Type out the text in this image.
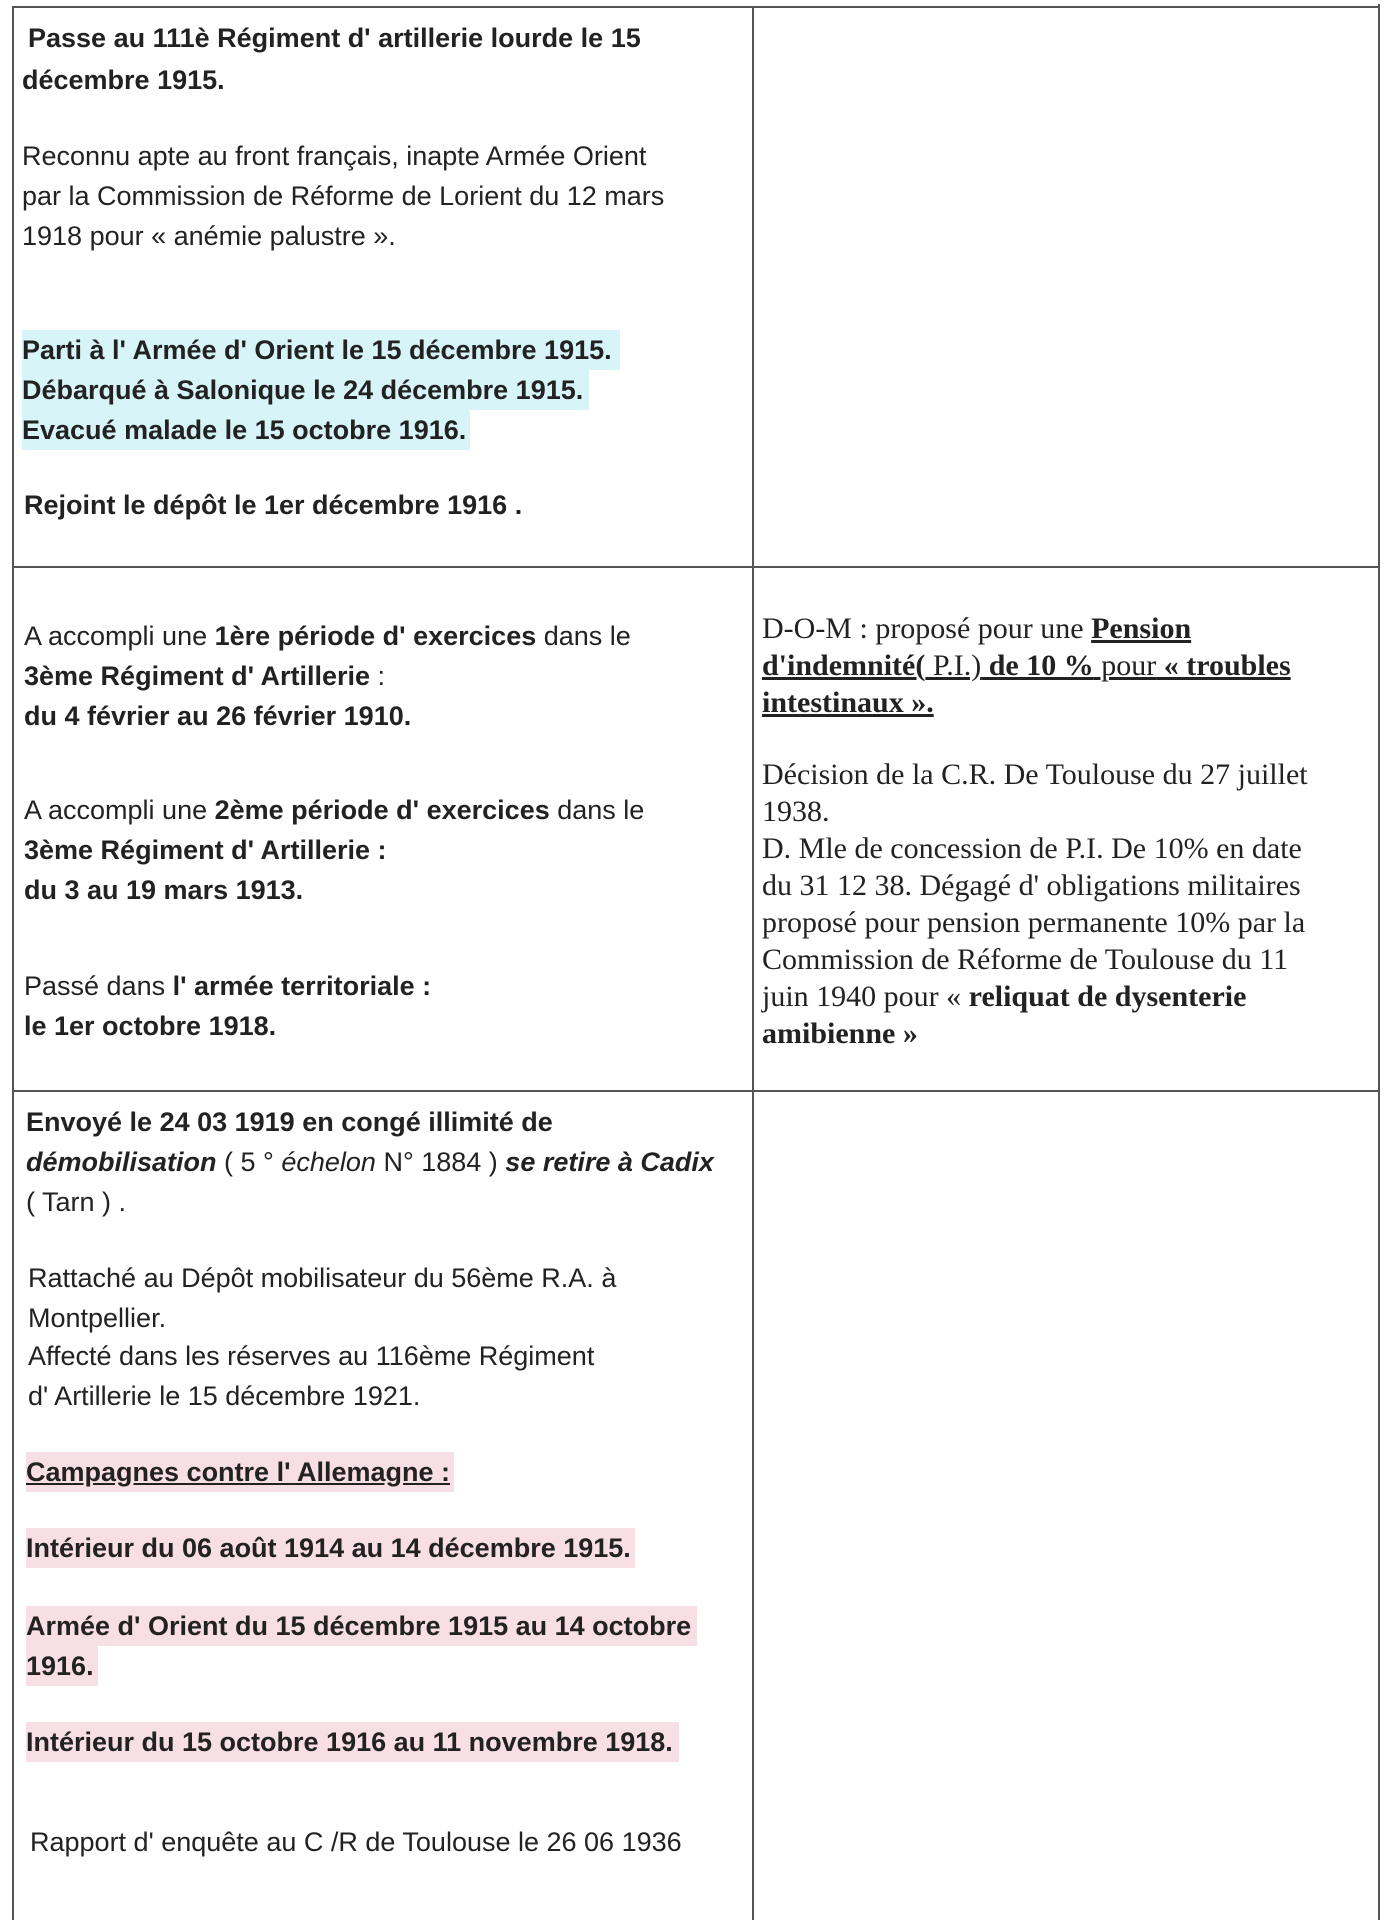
Passe au 111è Régiment d' artillerie lourde le 15

décembre 1915.

Reconnu apte au front français, inapte Armée Orient

par la Commission de Réforme de Lorient du 12 mars

1918 pour « anémie palustre ».

Parti à l' Armée d' Orient le 15 décembre 1915.

Débarqué à Salonique le 24 décembre 1915.

Evacué malade le 15 octobre 1916.

Rejoint le dépôt le 1er décembre 1916 .

A accompli une 1ère période d' exercices dans le

3ème Régiment d' Artillerie :

du 4 février au 26 février 1910.

A accompli une 2ème période d' exercices dans le

3ème Régiment d' Artillerie :

du 3 au 19 mars 1913.

Passé dans l' armée territoriale :

le 1er octobre 1918.

D-O-M : proposé pour une Pension

d'indemnité( P.I.) de 10 % pour « troubles

intestinaux ».

Décision de la C.R. De Toulouse du 27 juillet

1938.

D. Mle de concession de P.I. De 10% en date

du 31 12 38. Dégagé d' obligations militaires

proposé pour pension permanente 10% par la

Commission de Réforme de Toulouse du 11

juin 1940 pour « reliquat de dysenterie

amibienne »

Envoyé le 24 03 1919 en congé illimité de

démobilisation ( 5 ° échelon N° 1884 ) se retire à Cadix

( Tarn ) .

Rattaché au Dépôt mobilisateur du 56ème R.A. à

Montpellier.

Affecté dans les réserves au 116ème Régiment

d' Artillerie le 15 décembre 1921.

Campagnes contre l' Allemagne :

Intérieur du 06 août 1914 au 14 décembre 1915.

Armée d' Orient du 15 décembre 1915 au 14 octobre

1916.

Intérieur du 15 octobre 1916 au 11 novembre 1918.

Rapport d' enquête au C /R de Toulouse le 26 06 1936
